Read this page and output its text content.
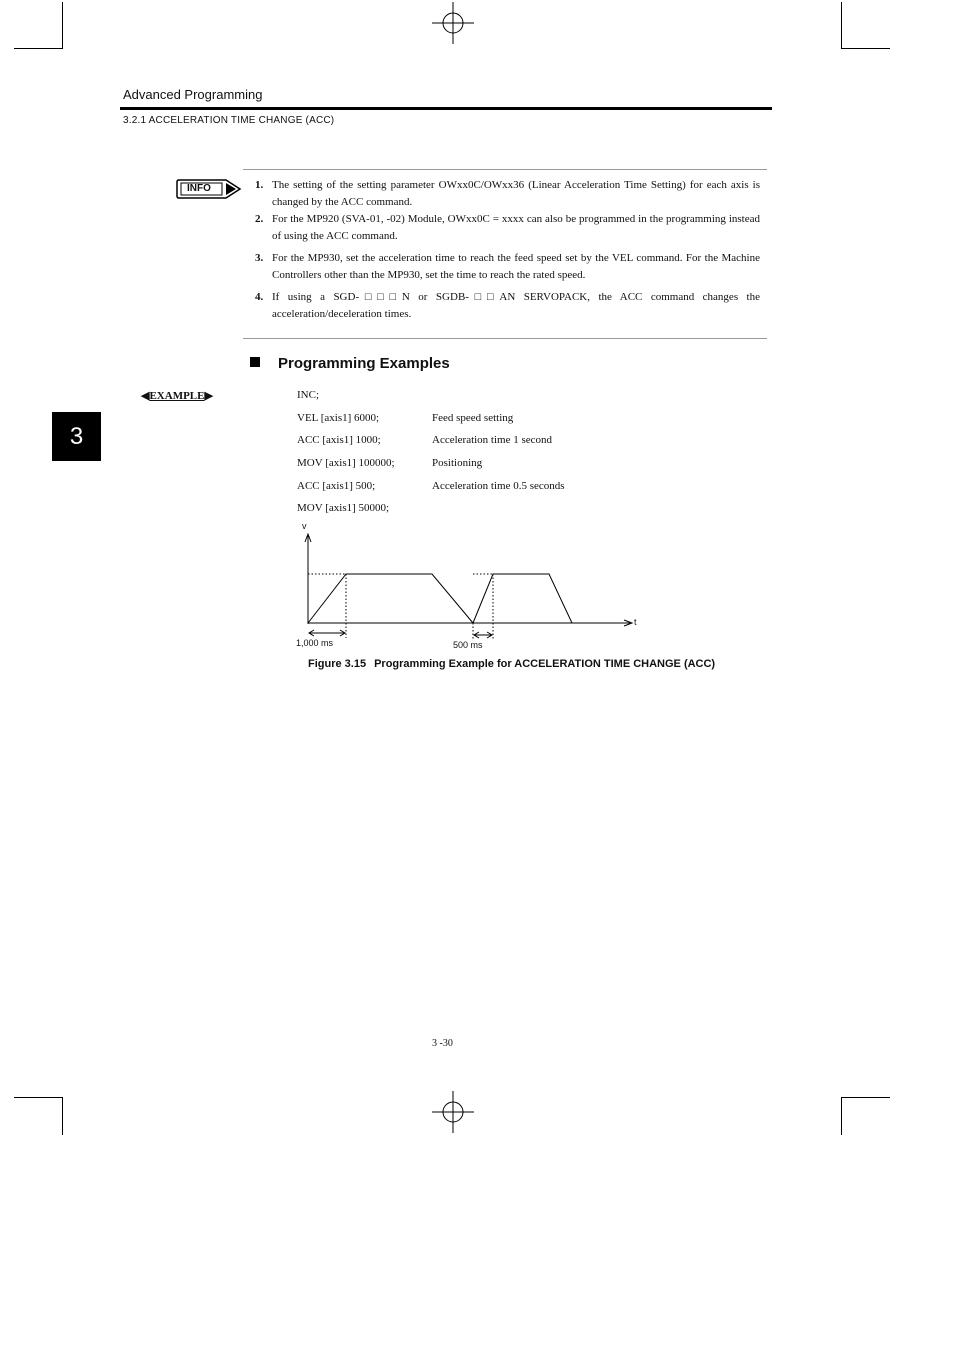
Advanced Programming
3.2.1 ACCELERATION TIME CHANGE (ACC)
3
INFO	1. The setting of the setting parameter OWxx0C/OWxx36 (Linear Acceleration Time Setting) for each axis is changed by the ACC command.
2. For the MP920 (SVA-01, -02) Module, OWxx0C = xxxx can also be programmed in the programming instead of using the ACC command.
3. For the MP930, set the acceleration time to reach the feed speed set by the VEL command. For the Machine Controllers other than the MP930, set the time to reach the rated speed.
4. If using a SGD-□□□N or SGDB-□□AN SERVOPACK, the ACC command changes the acceleration/deceleration times.
Programming Examples
◀EXAMPLE▶	INC;
VEL [axis1] 6000;	Feed speed setting
ACC [axis1] 1000;	Acceleration time 1 second
MOV [axis1] 100000;	Positioning
ACC [axis1] 500;	Acceleration time 0.5 seconds
MOV [axis1] 50000;
v
t
1,000 ms	500 ms
Figure 3.15 Programming Example for ACCELERATION TIME CHANGE (ACC)
3 -30
